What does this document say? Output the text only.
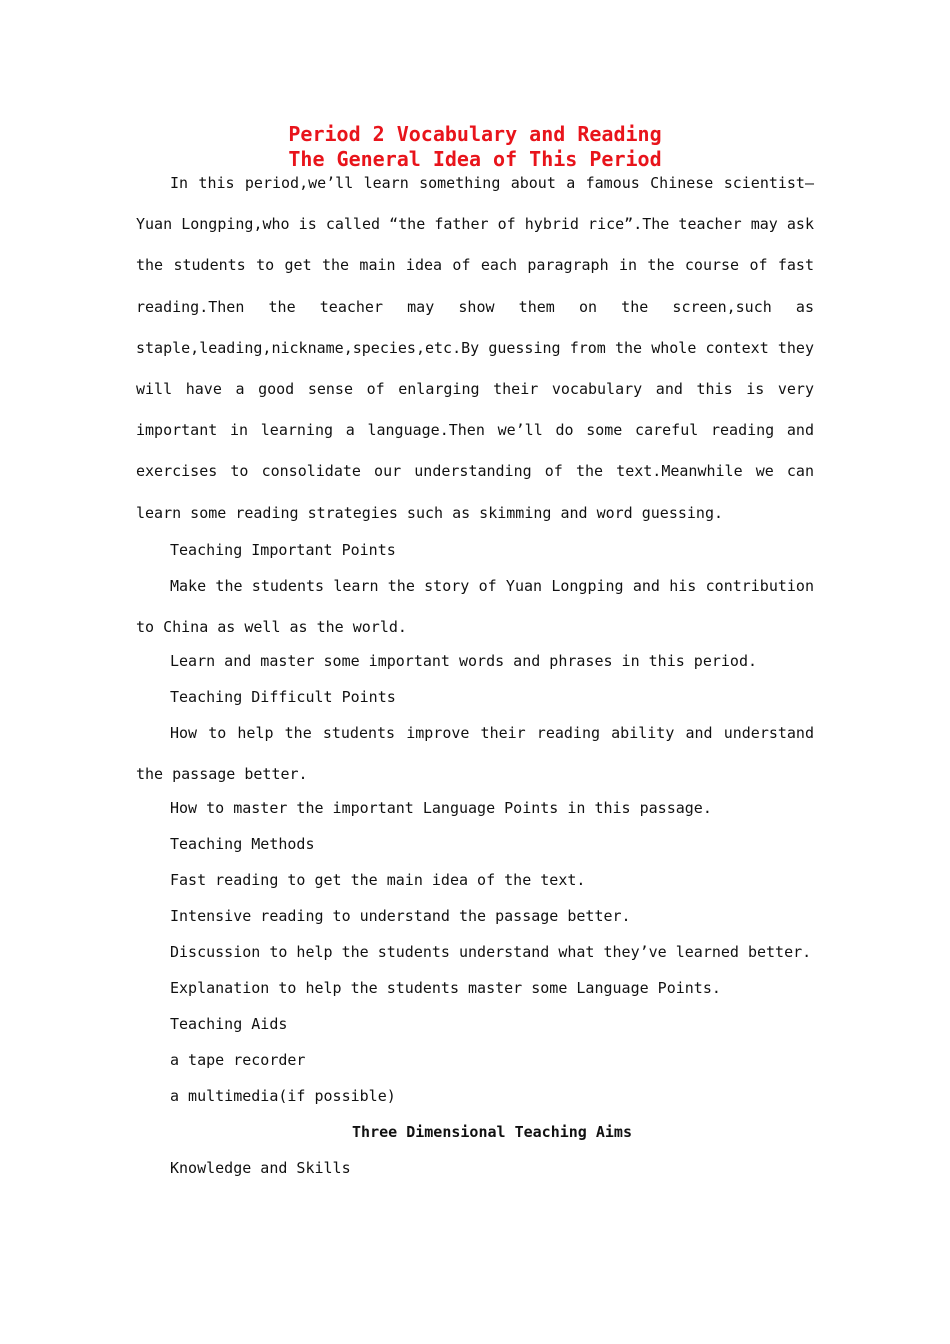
Period 2 Vocabulary and Reading
The General Idea of This Period

In this period,we’ll learn something about a famous Chinese scientist—Yuan Longping,who is called “the father of hybrid rice”.The teacher may ask the students to get the main idea of each paragraph in the course of fast reading.Then the teacher may show them on the screen,such as staple,leading,nickname,species,etc.By guessing from the whole context they will have a good sense of enlarging their vocabulary and this is very important in learning a language.Then we’ll do some careful reading and exercises to consolidate our understanding of the text.Meanwhile we can learn some reading strategies such as skimming and word guessing.

Teaching Important Points

Make the students learn the story of Yuan Longping and his contribution to China as well as the world.

Learn and master some important words and phrases in this period.

Teaching Difficult Points

How to help the students improve their reading ability and understand the passage better.

How to master the important Language Points in this passage.

Teaching Methods

Fast reading to get the main idea of the text.

Intensive reading to understand the passage better.

Discussion to help the students understand what they’ve learned better.

Explanation to help the students master some Language Points.

Teaching Aids

a tape recorder

a multimedia(if possible)

Three Dimensional Teaching Aims

Knowledge and Skills
